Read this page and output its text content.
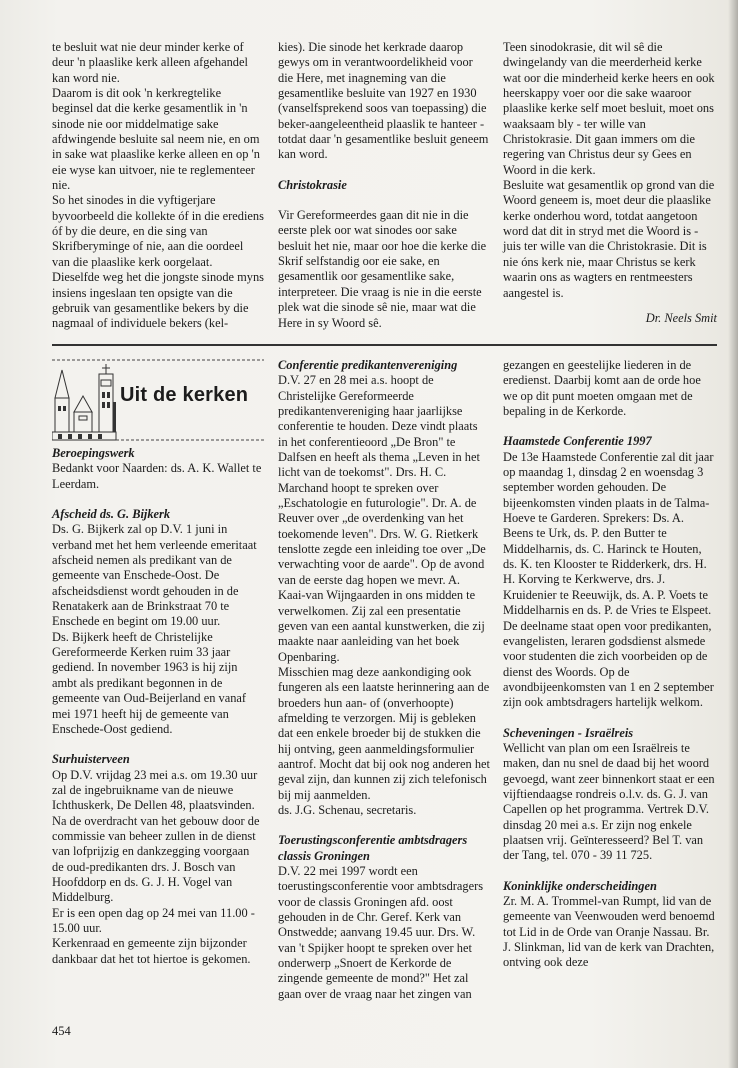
te besluit wat nie deur minder kerke of deur 'n plaaslike kerk alleen afgehandel kan word nie.

Daarom is dit ook 'n kerkregtelike beginsel dat die kerke gesamentlik in 'n sinode nie oor middelmatige sake afdwingende besluite sal neem nie, en om in sake wat plaaslike kerke alleen en op 'n eie wyse kan uitvoer, nie te reglementeer nie.

So het sinodes in die vyftigerjare byvoorbeeld die kollekte óf in die erediens óf by die deure, en die sing van Skrifberyminge of nie, aan die oordeel van die plaaslike kerk oorgelaat.

Dieselfde weg het die jongste sinode myns insiens ingeslaan ten opsigte van die gebruik van gesamentlike bekers by die nagmaal of individuele bekers (kel-

kies). Die sinode het kerkrade daarop gewys om in verantwoordelikheid voor die Here, met inagneming van die gesamentlike besluite van 1927 en 1930 (vanselfsprekend soos van toepassing) die beker-aangeleentheid plaaslik te hanteer - totdat daar 'n gesamentlike besluit geneem kan word.

Christokrasie

Vir Gereformeerdes gaan dit nie in die eerste plek oor wat sinodes oor sake besluit het nie, maar oor hoe die kerke die Skrif selfstandig oor eie sake, en gesamentlik oor gesamentlike sake, interpreteer. Die vraag is nie in die eerste plek wat die sinode sê nie, maar wat die Here in sy Woord sê.

Teen sinodokrasie, dit wil sê die dwingelandy van die meerderheid kerke wat oor die minderheid kerke heers en ook heerskappy voer oor die sake waaroor plaaslike kerke self moet besluit, moet ons waaksaam bly - ter wille van Christokrasie. Dit gaan immers om die regering van Christus deur sy Gees en Woord in die kerk.

Besluite wat gesamentlik op grond van die Woord geneem is, moet deur die plaaslike kerke onderhou word, totdat aangetoon word dat dit in stryd met die Woord is - juis ter wille van die Christokrasie. Dit is nie óns kerk nie, maar Christus se kerk waarin ons as wagters en rentmeesters aangestel is.

Dr. Neels Smit

Uit de kerken

Beroepingswerk

Bedankt voor Naarden: ds. A. K. Wallet te Leerdam.

Afscheid ds. G. Bijkerk

Ds. G. Bijkerk zal op D.V. 1 juni in verband met het hem verleende emeritaat afscheid nemen als predikant van de gemeente van Enschede-Oost. De afscheidsdienst wordt gehouden in de Renatakerk aan de Brinkstraat 70 te Enschede en begint om 19.00 uur.

Ds. Bijkerk heeft de Christelijke Gereformeerde Kerken ruim 33 jaar gediend. In november 1963 is hij zijn ambt als predikant begonnen in de gemeente van Oud-Beijerland en vanaf mei 1971 heeft hij de gemeente van Enschede-Oost gediend.

Surhuisterveen

Op D.V. vrijdag 23 mei a.s. om 19.30 uur zal de ingebruikname van de nieuwe Ichthuskerk, De Dellen 48, plaatsvinden. Na de overdracht van het gebouw door de commissie van beheer zullen in de dienst van lofprijzig en dankzegging voorgaan de oud-predikanten drs. J. Bosch van Hoofddorp en ds. G. J. H. Vogel van Middelburg.

Er is een open dag op 24 mei van 11.00 - 15.00 uur.

Kerkenraad en gemeente zijn bijzonder dankbaar dat het tot hiertoe is gekomen.

Conferentie predikantenvereniging

D.V. 27 en 28 mei a.s. hoopt de Christelijke Gereformeerde predikantenvereniging haar jaarlijkse conferentie te houden. Deze vindt plaats in het conferentieoord „De Bron" te Dalfsen en heeft als thema „Leven in het licht van de toekomst". Drs. H. C. Marchand hoopt te spreken over „Eschatologie en futurologie". Dr. A. de Reuver over „de overdenking van het toekomende leven". Drs. W. G. Rietkerk tenslotte zegde een inleiding toe over „De verwachting voor de aarde". Op de avond van de eerste dag hopen we mevr. A. Kaai-van Wijngaarden in ons midden te verwelkomen. Zij zal een presentatie geven van een aantal kunstwerken, die zij maakte naar aanleiding van het boek Openbaring.

Misschien mag deze aankondiging ook fungeren als een laatste herinnering aan de broeders hun aan- of (onverhoopte) afmelding te verzorgen. Mij is gebleken dat een enkele broeder bij de stukken die hij ontving, geen aanmeldingsformulier aantrof. Mocht dat bij ook nog anderen het geval zijn, dan kunnen zij zich telefonisch bij mij aanmelden.

ds. J.G. Schenau, secretaris.

Toerustingsconferentie ambtsdragers classis Groningen

D.V. 22 mei 1997 wordt een toerustingsconferentie voor ambtsdragers voor de classis Groningen afd. oost gehouden in de Chr. Geref. Kerk van Onstwedde; aanvang 19.45 uur. Drs. W. van 't Spijker hoopt te spreken over het onderwerp „Snoert de Kerkorde de zingende gemeente de mond?" Het zal gaan over de vraag naar het zingen van

gezangen en geestelijke liederen in de eredienst. Daarbij komt aan de orde hoe we op dit punt moeten omgaan met de bepaling in de Kerkorde.

Haamstede Conferentie 1997

De 13e Haamstede Conferentie zal dit jaar op maandag 1, dinsdag 2 en woensdag 3 september worden gehouden. De bijeenkomsten vinden plaats in de Talma-Hoeve te Garderen. Sprekers: Ds. A. Beens te Urk, ds. P. den Butter te Middelharnis, ds. C. Harinck te Houten, ds. K. ten Klooster te Ridderkerk, drs. H. H. Korving te Kerkwerve, drs. J. Kruidenier te Reeuwijk, ds. A. P. Voets te Middelharnis en ds. P. de Vries te Elspeet. De deelname staat open voor predikanten, evangelisten, leraren godsdienst alsmede voor studenten die zich voorbeiden op de dienst des Woords. Op de avondbijeenkomsten van 1 en 2 september zijn ook ambtsdragers hartelijk welkom.

Scheveningen - Israëlreis

Wellicht van plan om een Israëlreis te maken, dan nu snel de daad bij het woord gevoegd, want zeer binnenkort staat er een vijftiendaagse rondreis o.l.v. ds. G. J. van Capellen op het programma. Vertrek D.V. dinsdag 20 mei a.s. Er zijn nog enkele plaatsen vrij. Geïnteresseerd? Bel T. van der Tang, tel. 070 - 39 11 725.

Koninklijke onderscheidingen

Zr. M. A. Trommel-van Rumpt, lid van de gemeente van Veenwouden werd benoemd tot Lid in de Orde van Oranje Nassau. Br. J. Slinkman, lid van de kerk van Drachten, ontving ook deze

454
